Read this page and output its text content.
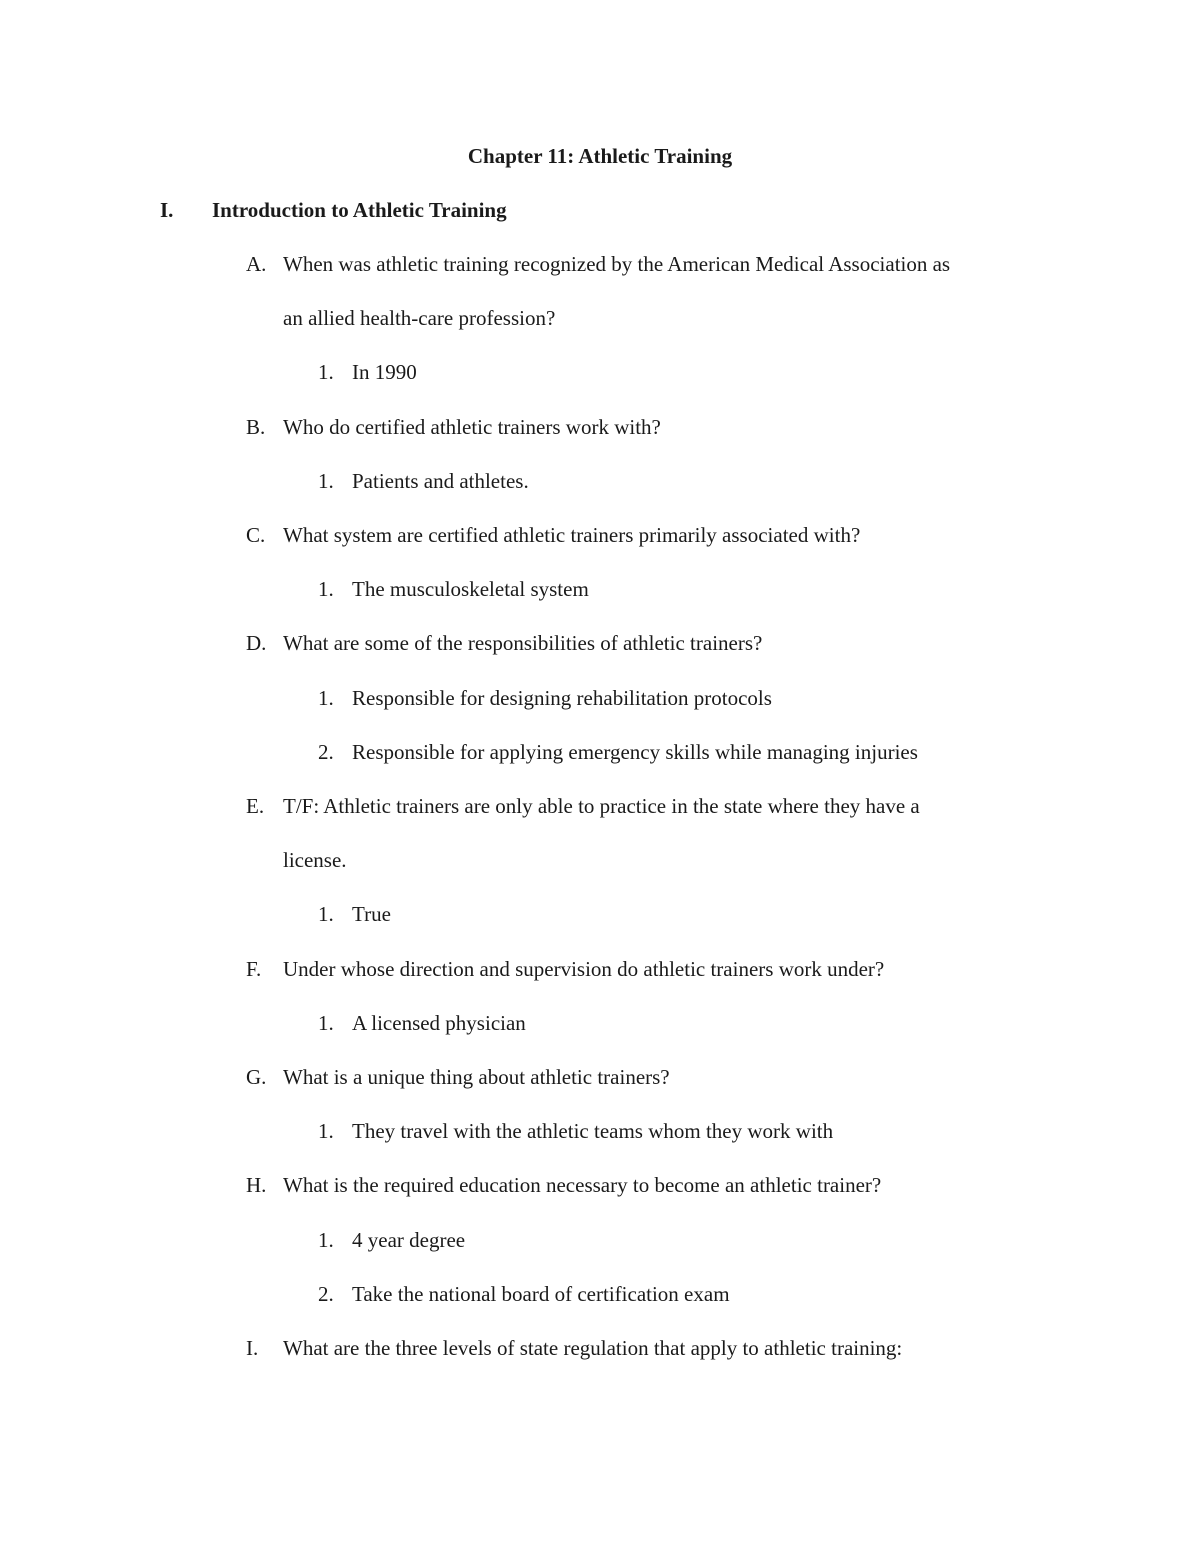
Chapter 11: Athletic Training
I. Introduction to Athletic Training
A. When was athletic training recognized by the American Medical Association as
an allied health-care profession?
1. In 1990
B. Who do certified athletic trainers work with?
1. Patients and athletes.
C. What system are certified athletic trainers primarily associated with?
1. The musculoskeletal system
D. What are some of the responsibilities of athletic trainers?
1. Responsible for designing rehabilitation protocols
2. Responsible for applying emergency skills while managing injuries
E. T/F: Athletic trainers are only able to practice in the state where they have a
license.
1. True
F. Under whose direction and supervision do athletic trainers work under?
1. A licensed physician
G. What is a unique thing about athletic trainers?
1. They travel with the athletic teams whom they work with
H. What is the required education necessary to become an athletic trainer?
1. 4 year degree
2. Take the national board of certification exam
I. What are the three levels of state regulation that apply to athletic training:
